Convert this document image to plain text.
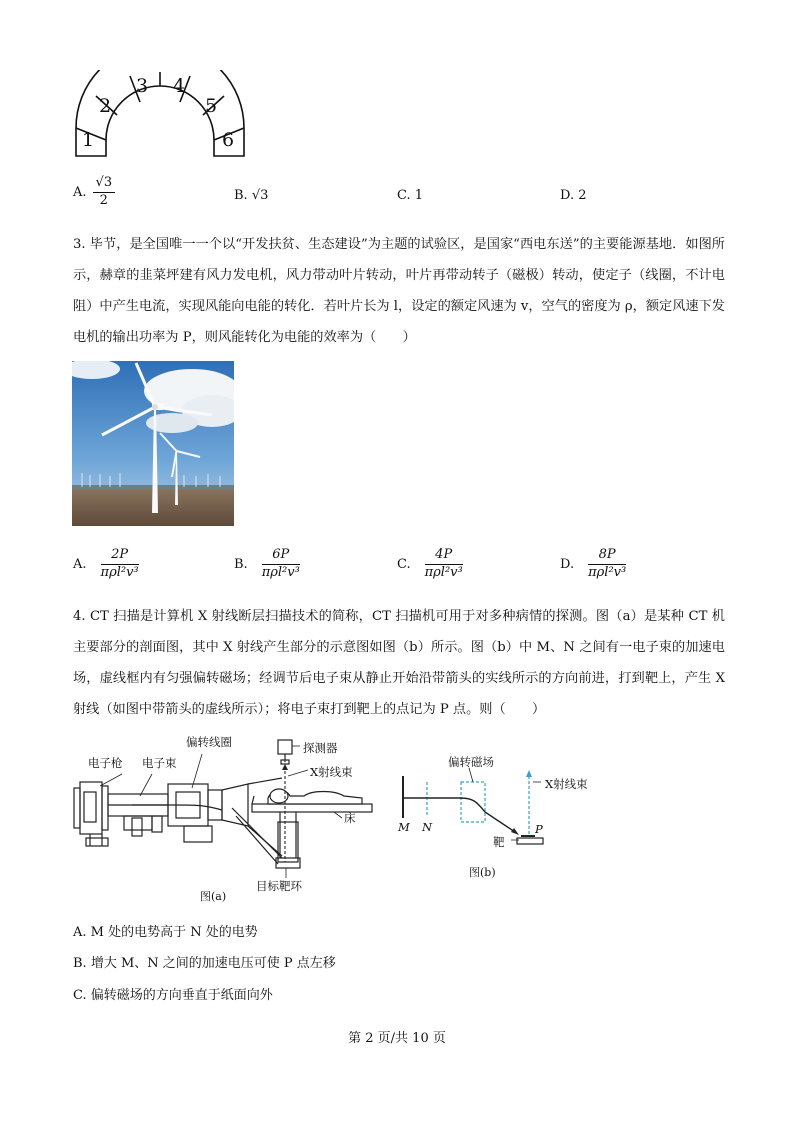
1
2
3 4
5
6
A. $\frac{√3}{2}$	B. √3	C. 1	D. 2
3. 毕节，是全国唯一一个以“开发扶贫、生态建设”为主题的试验区，是国家“西电东送”的主要能源基地．如图所示，赫章的韭菜坪建有风力发电机，风力带动叶片转动，叶片再带动转子（磁极）转动，使定子（线圈，不计电阻）中产生电流，实现风能向电能的转化．若叶片长为 l，设定的额定风速为 v，空气的密度为 ρ，额定风速下发电机的输出功率为 P，则风能转化为电能的效率为（　　）
A. $\frac{2P}{\text{πρl²v³}}$	B. $\frac{6P}{\text{πρl²v³}}$	C. $\frac{4P}{\text{πρl²v³}}$	D. $\frac{8P}{\text{πρl²v³}}$
4. CT 扫描是计算机 X 射线断层扫描技术的简称，CT 扫描机可用于对多种病情的探测。图（a）是某种 CT 机主要部分的剖面图，其中 X 射线产生部分的示意图如图（b）所示。图（b）中 M、N 之间有一电子束的加速电场，虚线框内有匀强偏转磁场；经调节后电子束从静止开始沿带箭头的实线所示的方向前进，打到靶上，产生 X 射线（如图中带箭头的虚线所示）；将电子束打到靶上的点记为 P 点。则（　　）
电子枪 电子束
偏转线圈	探测器
X射线束
床
目标靶环
图(a)
偏转磁场
X射线束
M N
靶
P
图(b)
A. M 处的电势高于 N 处的电势
B. 增大 M、N 之间的加速电压可使 P 点左移
C. 偏转磁场的方向垂直于纸面向外
第 2 页/共 10 页
